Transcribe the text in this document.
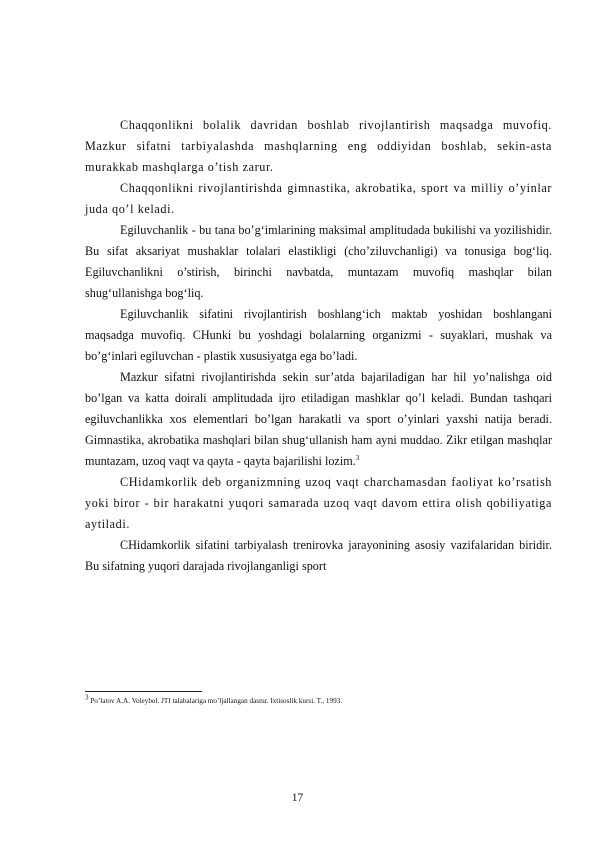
Chaqqonlikni bolalik davridan boshlab rivojlantirish maqsadga muvofiq. Mazkur sifatni tarbiyalashda mashqlarning eng oddiyidan boshlab, sekin-asta murakkab mashqlarga o’tish zarur.

Chaqqonlikni rivojlantirishda gimnastika, akrobatika, sport va milliy o’yinlar juda qo’l keladi.

Egiluvchanlik - bu tana bo’g‘imlarining maksimal amplitudada bukilishi va yozilishidir. Bu sifat aksariyat mushaklar tolalari elastikligi (cho’ziluvchanligi) va tonusiga bog‘liq. Egiluvchanlikni o’stirish, birinchi navbatda, muntazam muvofiq mashqlar bilan shug‘ullanishga bog‘liq.

Egiluvchanlik sifatini rivojlantirish boshlang‘ich maktab yoshidan boshlangani maqsadga muvofiq. CHunki bu yoshdagi bolalarning organizmi - suyaklari, mushak va bo’g‘inlari egiluvchan - plastik xususiyatga ega bo’ladi.

Mazkur sifatni rivojlantirishda sekin sur’atda bajariladigan har hil yo’nalishga oid bo’lgan va katta doirali amplitudada ijro etiladigan mashklar qo’l keladi. Bundan tashqari egiluvchanlikka xos elementlari bo’lgan harakatli va sport o’yinlari yaxshi natija beradi. Gimnastika, akrobatika mashqlari bilan shug‘ullanish ham ayni muddao. Zikr etilgan mashqlar muntazam, uzoq vaqt va qayta - qayta bajarilishi lozim.$^3$

CHidamkorlik deb organizmning uzoq vaqt charchamasdan faoliyat ko’rsatish yoki biror - bir harakatni yuqori samarada uzoq vaqt davom ettira olish qobiliyatiga aytiladi.

CHidamkorlik sifatini tarbiyalash trenirovka jarayonining asosiy vazifalaridan biridir. Bu sifatning yuqori darajada rivojlanganligi sport

$^3$ Po’latov A.A. Voleybol. JTI talabalariga mo’ljallangan dastur. Ixtisoslik kursi. T., 1993.
17
